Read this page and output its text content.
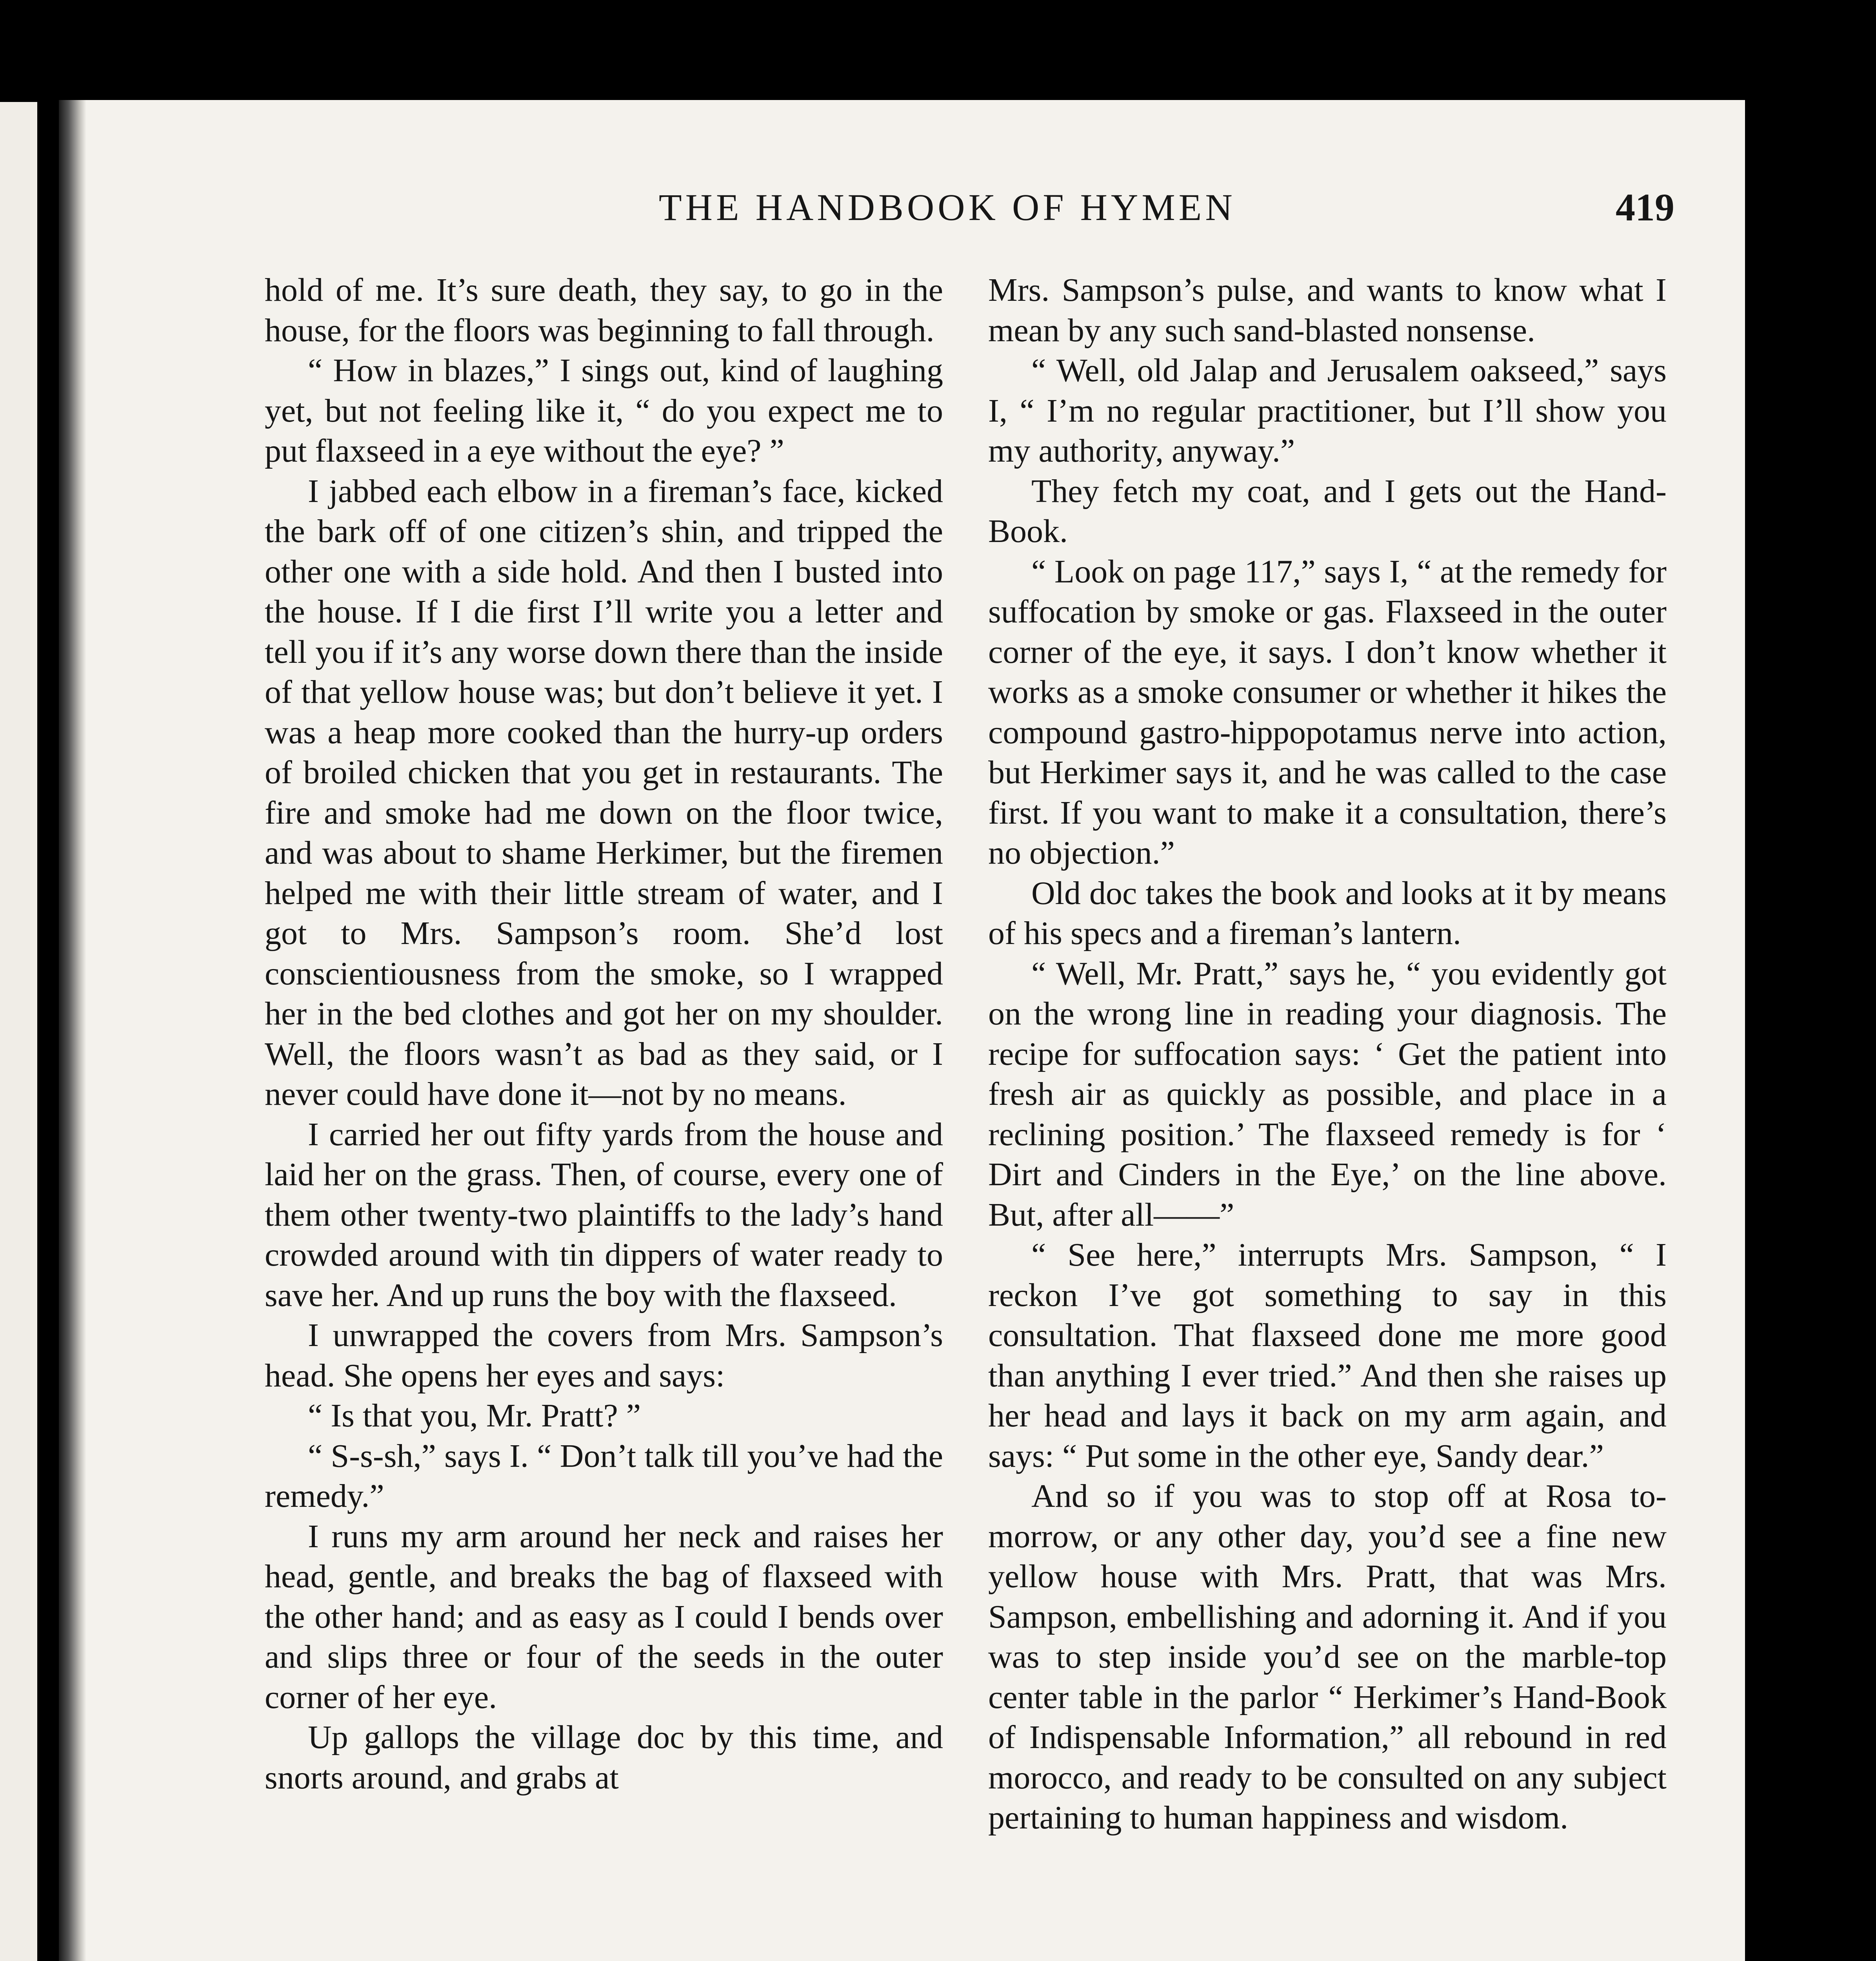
THE HANDBOOK OF HYMEN	419

hold of me. It’s sure death, they say, to go in the house, for the floors was beginning to fall through.

“ How in blazes,” I sings out, kind of laughing yet, but not feeling like it, “ do you expect me to put flaxseed in a eye without the eye? ”

I jabbed each elbow in a fireman’s face, kicked the bark off of one citizen’s shin, and tripped the other one with a side hold. And then I busted into the house. If I die first I’ll write you a letter and tell you if it’s any worse down there than the inside of that yellow house was; but don’t believe it yet. I was a heap more cooked than the hurry-up orders of broiled chicken that you get in restaurants. The fire and smoke had me down on the floor twice, and was about to shame Herkimer, but the firemen helped me with their little stream of water, and I got to Mrs. Sampson’s room. She’d lost conscientiousness from the smoke, so I wrapped her in the bed clothes and got her on my shoulder. Well, the floors wasn’t as bad as they said, or I never could have done it—not by no means.

I carried her out fifty yards from the house and laid her on the grass. Then, of course, every one of them other twenty-two plaintiffs to the lady’s hand crowded around with tin dippers of water ready to save her. And up runs the boy with the flaxseed.

I unwrapped the covers from Mrs. Sampson’s head. She opens her eyes and says:

“ Is that you, Mr. Pratt? ”

“ S-s-sh,” says I. “ Don’t talk till you’ve had the remedy.”

I runs my arm around her neck and raises her head, gentle, and breaks the bag of flaxseed with the other hand; and as easy as I could I bends over and slips three or four of the seeds in the outer corner of her eye.

Up gallops the village doc by this time, and snorts around, and grabs at

Mrs. Sampson’s pulse, and wants to know what I mean by any such sand-blasted nonsense.

“ Well, old Jalap and Jerusalem oakseed,” says I, “ I’m no regular practitioner, but I’ll show you my authority, anyway.”

They fetch my coat, and I gets out the Hand-Book.

“ Look on page 117,” says I, “ at the remedy for suffocation by smoke or gas. Flaxseed in the outer corner of the eye, it says. I don’t know whether it works as a smoke consumer or whether it hikes the compound gastro-hippopotamus nerve into action, but Herkimer says it, and he was called to the case first. If you want to make it a consultation, there’s no objection.”

Old doc takes the book and looks at it by means of his specs and a fireman’s lantern.

“ Well, Mr. Pratt,” says he, “ you evidently got on the wrong line in reading your diagnosis. The recipe for suffocation says: ‘ Get the patient into fresh air as quickly as possible, and place in a reclining position.’ The flaxseed remedy is for ‘ Dirt and Cinders in the Eye,’ on the line above. But, after all——”

“ See here,” interrupts Mrs. Sampson, “ I reckon I’ve got something to say in this consultation. That flaxseed done me more good than anything I ever tried.” And then she raises up her head and lays it back on my arm again, and says: “ Put some in the other eye, Sandy dear.”

And so if you was to stop off at Rosa to-morrow, or any other day, you’d see a fine new yellow house with Mrs. Pratt, that was Mrs. Sampson, embellishing and adorning it. And if you was to step inside you’d see on the marble-top center table in the parlor “ Herkimer’s Hand-Book of Indispensable Information,” all rebound in red morocco, and ready to be consulted on any subject pertaining to human happiness and wisdom.
